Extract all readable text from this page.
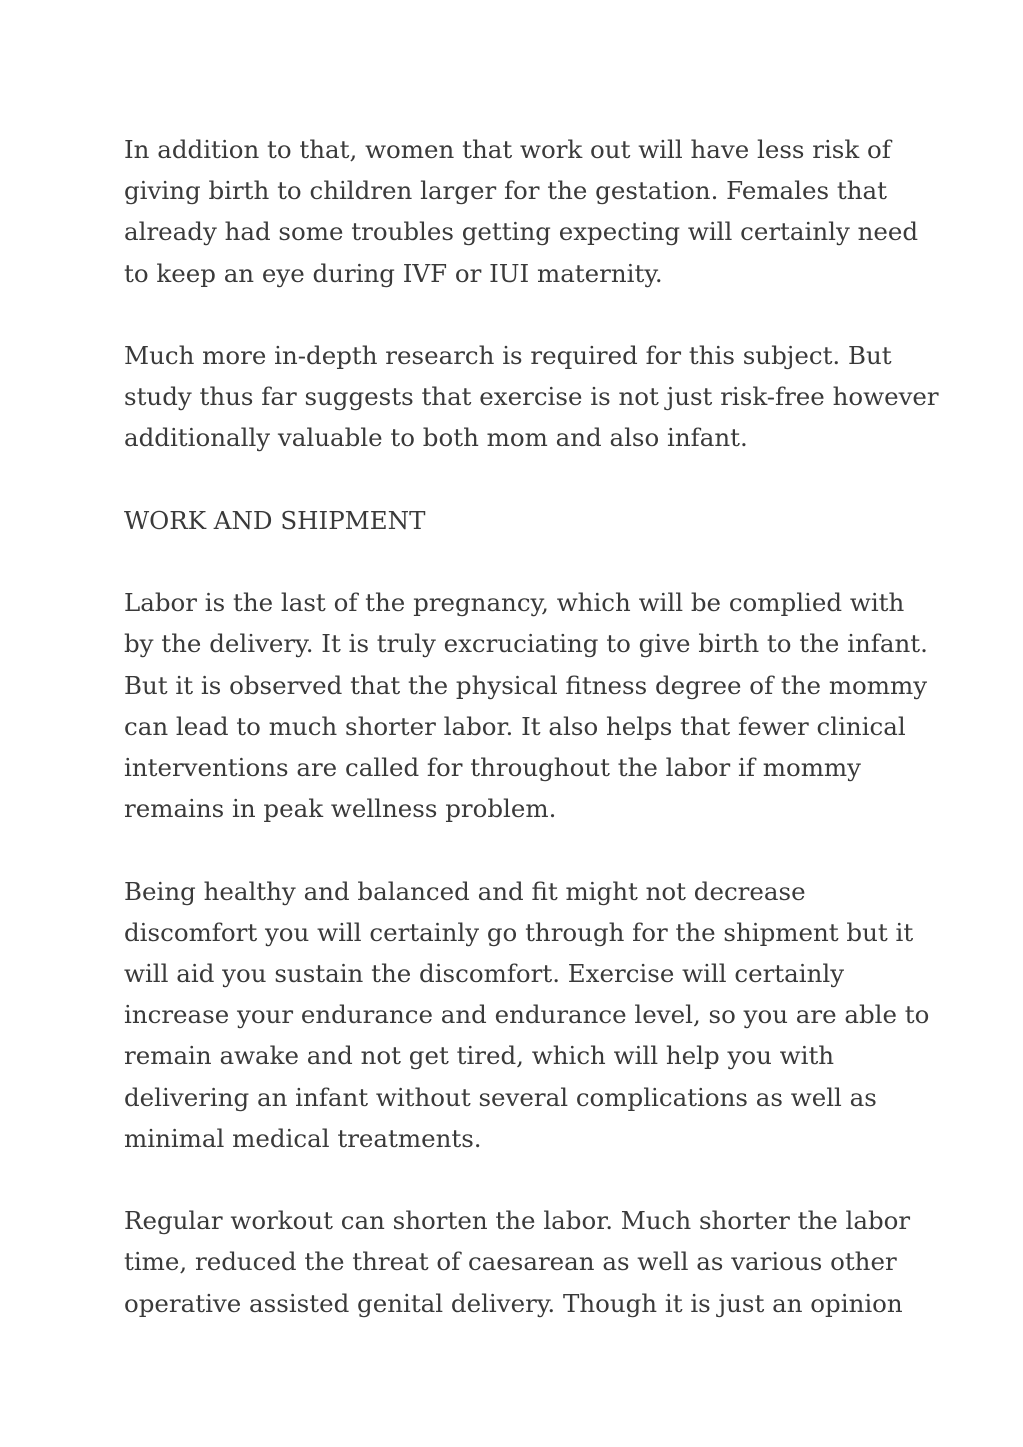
In addition to that, women that work out will have less risk of
giving birth to children larger for the gestation. Females that
already had some troubles getting expecting will certainly need
to keep an eye during IVF or IUI maternity.

Much more in-depth research is required for this subject. But
study thus far suggests that exercise is not just risk-free however
additionally valuable to both mom and also infant.

WORK AND SHIPMENT

Labor is the last of the pregnancy, which will be complied with
by the delivery. It is truly excruciating to give birth to the infant.
But it is observed that the physical fitness degree of the mommy
can lead to much shorter labor. It also helps that fewer clinical
interventions are called for throughout the labor if mommy
remains in peak wellness problem.

Being healthy and balanced and fit might not decrease
discomfort you will certainly go through for the shipment but it
will aid you sustain the discomfort. Exercise will certainly
increase your endurance and endurance level, so you are able to
remain awake and not get tired, which will help you with
delivering an infant without several complications as well as
minimal medical treatments.

Regular workout can shorten the labor. Much shorter the labor
time, reduced the threat of caesarean as well as various other
operative assisted genital delivery. Though it is just an opinion
